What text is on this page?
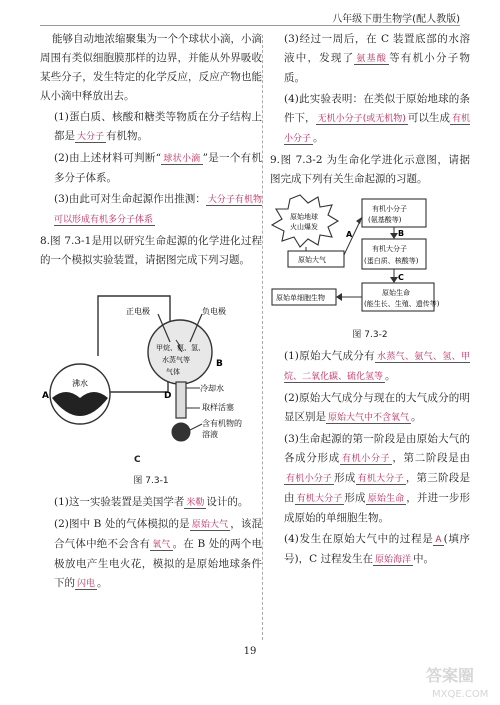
八年级下册生物学(配人教版)

能够自动地浓缩聚集为一个个球状小滴，小滴周围有类似细胞膜那样的边界，并能从外界吸收某些分子，发生特定的化学反应，反应产物也能从小滴中释放出去。

(1)蛋白质、核酸和糖类等物质在分子结构上都是 大分子 有机物。

(2)由上述材料可判断“ 球状小滴 ”是一个有机多分子体系。

(3)由此可对生命起源作出推测： 大分子有机物可以形成有机多分子体系

8.图 7.3-1是用以研究生命起源的化学进化过程的一个模拟实验装置，请据图完成下列习题。

正电极	负电极
甲烷、氨、氢、
水蒸气等
气体
B
沸水
A
冷却水
D
取样活塞
含有机物的
溶液
C
图 7.3-1

(1)这一实验装置是美国学者 米勒 设计的。

(2)图中 B 处的气体模拟的是 原始大气 ，该混合气体中绝不会含有 氧气 。在 B 处的两个电极放电产生电火花，模拟的是原始地球条件下的 闪电 。

(3)经过一周后，在 C 装置底部的水溶液中，发现了 氨基酸 等有机小分子物质。

(4)此实验表明：在类似于原始地球的条件下， 无机小分子(或无机物) 可以生成 有机小分子 。

9.图 7.3-2 为生命化学进化示意图，请据图完成下列有关生命起源的习题。

原始地球
火山爆发
有机小分子
(氨基酸等)
原始大气
有机大分子
(蛋白质、核酸等)
原始生命
(能生长、生殖、遗传等)
原始单细胞生物
A	B
C
图 7.3-2

(1)原始大气成分有 水蒸气、氨气、氢、甲烷、二氧化碳、硫化氢等 。

(2)原始大气成分与现在的大气成分的明显区别是 原始大气中不含氧气 。

(3)生命起源的第一阶段是由原始大气的各成分形成 有机小分子 ，第二阶段是由有机小分子 形成 有机大分子 ，第三阶段是由 有机大分子 形成 原始生命 ，并进一步形成原始的单细胞生物。

(4)发生在原始大气中的过程是 A (填序号)，C 过程发生在 原始海洋 中。

19
答案圈
MXQE.COM
